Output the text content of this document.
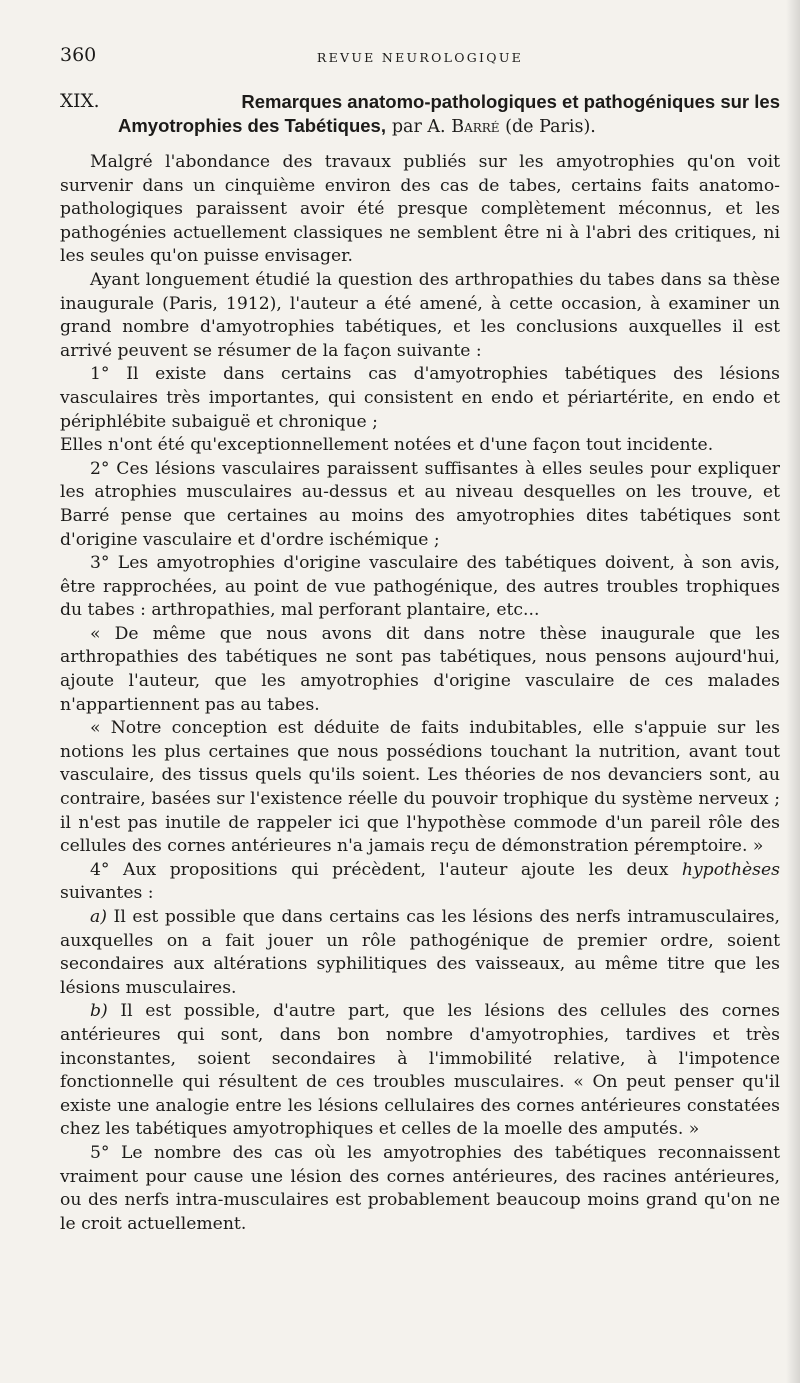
360	REVUE NEUROLOGIQUE
XIX.	Remarques anatomo-pathologiques et pathogéniques sur les
Amyotrophies des Tabétiques, par A. Barré (de Paris).

Malgré l'abondance des travaux publiés sur les amyotrophies qu'on voit survenir dans un cinquième environ des cas de tabes, certains faits anatomo-pathologiques paraissent avoir été presque complètement méconnus, et les pathogénies actuellement classiques ne semblent être ni à l'abri des critiques, ni les seules qu'on puisse envisager.

Ayant longuement étudié la question des arthropathies du tabes dans sa thèse inaugurale (Paris, 1912), l'auteur a été amené, à cette occasion, à examiner un grand nombre d'amyotrophies tabétiques, et les conclusions auxquelles il est arrivé peuvent se résumer de la façon suivante :

1° Il existe dans certains cas d'amyotrophies tabétiques des lésions vasculaires très importantes, qui consistent en endo et périartérite, en endo et périphlébite subaiguë et chronique ;

Elles n'ont été qu'exceptionnellement notées et d'une façon tout incidente.

2° Ces lésions vasculaires paraissent suffisantes à elles seules pour expliquer les atrophies musculaires au-dessus et au niveau desquelles on les trouve, et Barré pense que certaines au moins des amyotrophies dites tabétiques sont d'origine vasculaire et d'ordre ischémique ;

3° Les amyotrophies d'origine vasculaire des tabétiques doivent, à son avis, être rapprochées, au point de vue pathogénique, des autres troubles trophiques du tabes : arthropathies, mal perforant plantaire, etc...

« De même que nous avons dit dans notre thèse inaugurale que les arthropathies des tabétiques ne sont pas tabétiques, nous pensons aujourd'hui, ajoute l'auteur, que les amyotrophies d'origine vasculaire de ces malades n'appartiennent pas au tabes.

« Notre conception est déduite de faits indubitables, elle s'appuie sur les notions les plus certaines que nous possédions touchant la nutrition, avant tout vasculaire, des tissus quels qu'ils soient. Les théories de nos devanciers sont, au contraire, basées sur l'existence réelle du pouvoir trophique du système nerveux ; il n'est pas inutile de rappeler ici que l'hypothèse commode d'un pareil rôle des cellules des cornes antérieures n'a jamais reçu de démonstration péremptoire. »

4° Aux propositions qui précèdent, l'auteur ajoute les deux hypothèses suivantes :

a) Il est possible que dans certains cas les lésions des nerfs intramusculaires, auxquelles on a fait jouer un rôle pathogénique de premier ordre, soient secondaires aux altérations syphilitiques des vaisseaux, au même titre que les lésions musculaires.

b) Il est possible, d'autre part, que les lésions des cellules des cornes antérieures qui sont, dans bon nombre d'amyotrophies, tardives et très inconstantes, soient secondaires à l'immobilité relative, à l'impotence fonctionnelle qui résultent de ces troubles musculaires. « On peut penser qu'il existe une analogie entre les lésions cellulaires des cornes antérieures constatées chez les tabétiques amyotrophiques et celles de la moelle des amputés. »

5° Le nombre des cas où les amyotrophies des tabétiques reconnaissent vraiment pour cause une lésion des cornes antérieures, des racines antérieures, ou des nerfs intra-musculaires est probablement beaucoup moins grand qu'on ne le croit actuellement.
